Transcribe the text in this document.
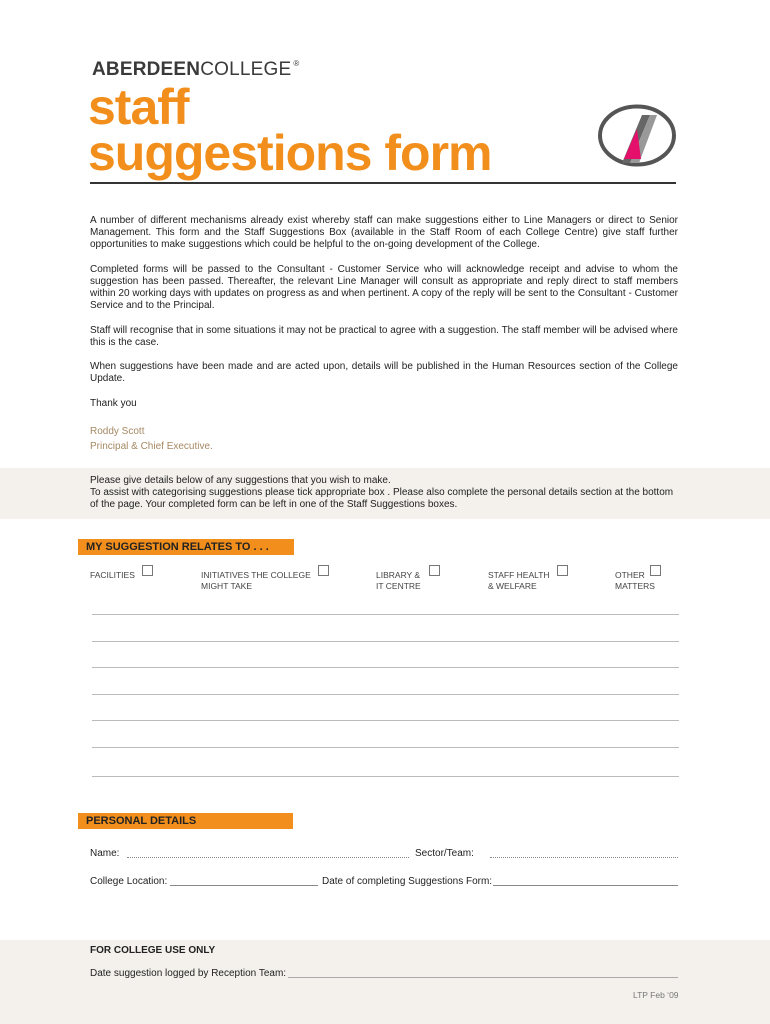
ABERDEENCOLLEGE ®
staff
suggestions form
A number of different mechanisms already exist whereby staff can make suggestions either to Line Managers or direct to Senior Management. This form and the Staff Suggestions Box (available in the Staff Room of each College Centre) give staff further opportunities to make suggestions which could be helpful to the on-going development of the College.
Completed forms will be passed to the Consultant - Customer Service who will acknowledge receipt and advise to whom the suggestion has been passed. Thereafter, the relevant Line Manager will consult as appropriate and reply direct to staff members within 20 working days with updates on progress as and when pertinent. A copy of the reply will be sent to the Consultant - Customer Service and to the Principal.
Staff will recognise that in some situations it may not be practical to agree with a suggestion. The staff member will be advised where this is the case.
When suggestions have been made and are acted upon, details will be published in the Human Resources section of the College Update.
Thank you
Roddy Scott
Principal & Chief Executive.
Please give details below of any suggestions that you wish to make.
To assist with categorising suggestions please tick appropriate box . Please also complete the personal details section at the bottom of the page. Your completed form can be left in one of the Staff Suggestions boxes.
MY SUGGESTION RELATES TO . . .
FACILITIES	INITIATIVES THE COLLEGE
MIGHT TAKE
LIBRARY &
IT CENTRE
STAFF HEALTH
& WELFARE
OTHER
MATTERS
PERSONAL DETAILS
Name:	Sector/Team:
College Location:	Date of completing Suggestions Form:
FOR COLLEGE USE ONLY
Date suggestion logged by Reception Team:
LTP Feb ‘09
